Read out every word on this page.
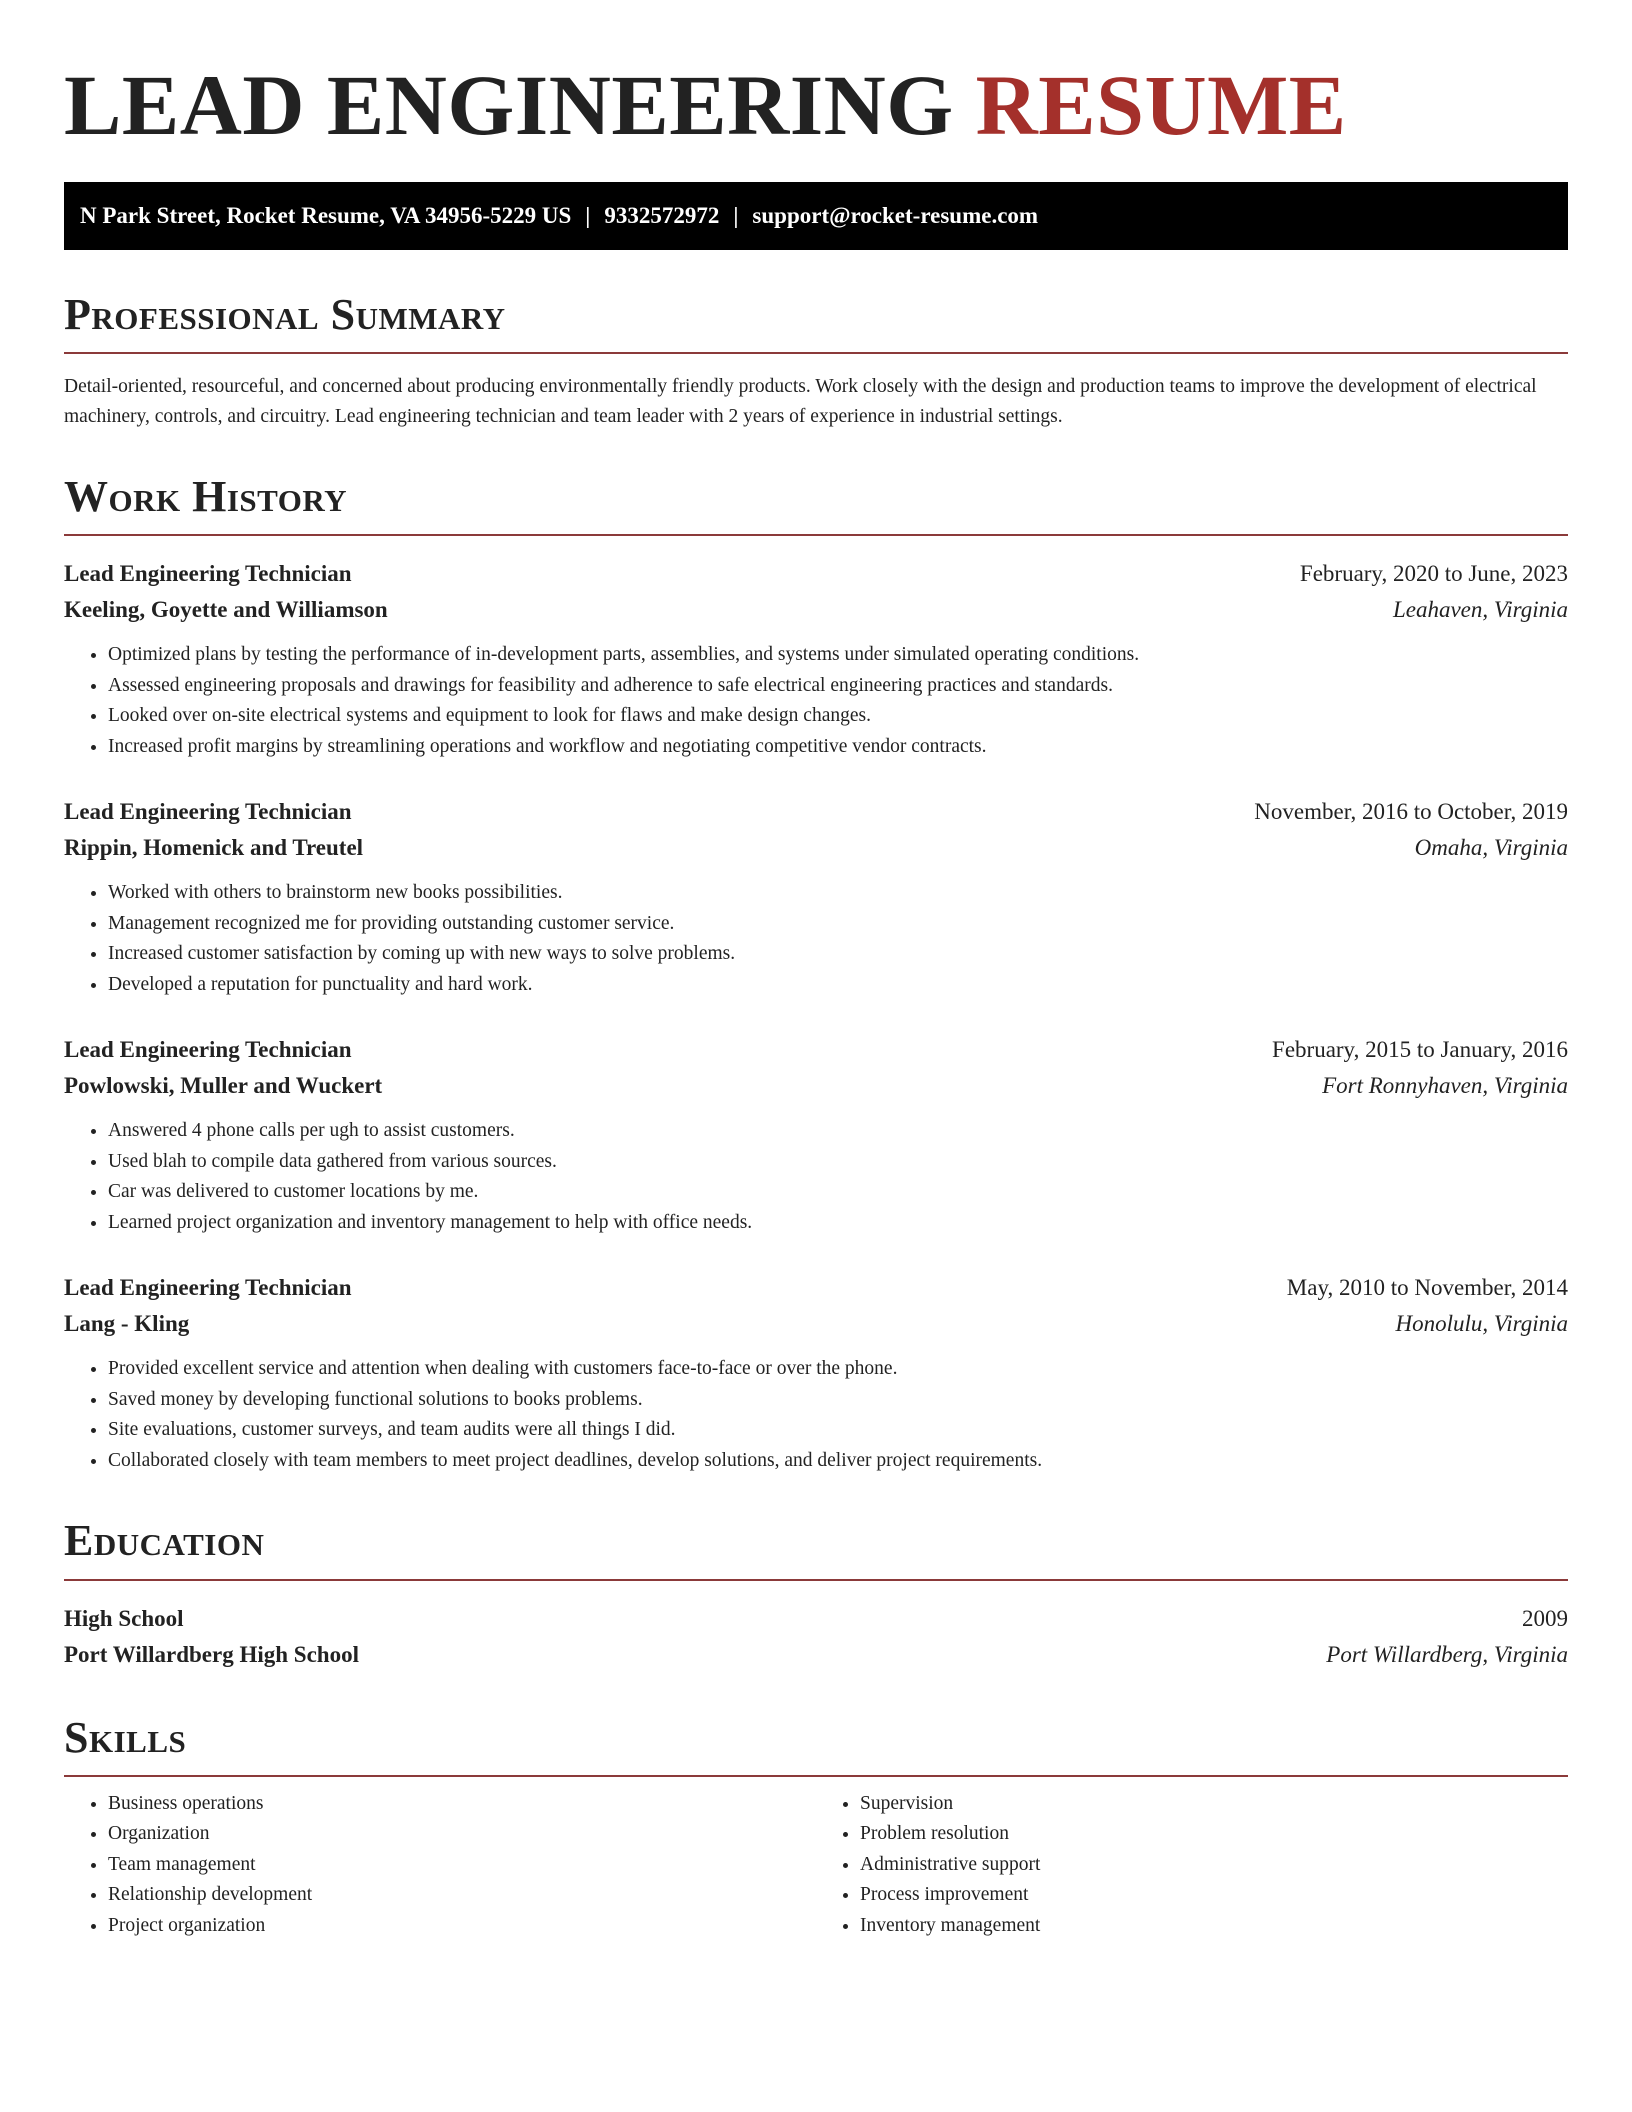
LEAD ENGINEERING RESUME
N Park Street, Rocket Resume, VA 34956-5229 US | 9332572972 | support@rocket-resume.com
Professional Summary

Detail-oriented, resourceful, and concerned about producing environmentally friendly products. Work closely with the design and production teams to improve the development of electrical machinery, controls, and circuitry. Lead engineering technician and team leader with 2 years of experience in industrial settings.

Work History
Lead Engineering Technician	February, 2020 to June, 2023
Keeling, Goyette and Williamson	Leahaven, Virginia
• Optimized plans by testing the performance of in-development parts, assemblies, and systems under simulated operating conditions.
• Assessed engineering proposals and drawings for feasibility and adherence to safe electrical engineering practices and standards.
• Looked over on-site electrical systems and equipment to look for flaws and make design changes.
• Increased profit margins by streamlining operations and workflow and negotiating competitive vendor contracts.
Lead Engineering Technician	November, 2016 to October, 2019
Rippin, Homenick and Treutel	Omaha, Virginia
• Worked with others to brainstorm new books possibilities.
• Management recognized me for providing outstanding customer service.
• Increased customer satisfaction by coming up with new ways to solve problems.
• Developed a reputation for punctuality and hard work.
Lead Engineering Technician	February, 2015 to January, 2016
Powlowski, Muller and Wuckert	Fort Ronnyhaven, Virginia
• Answered 4 phone calls per ugh to assist customers.
• Used blah to compile data gathered from various sources.
• Car was delivered to customer locations by me.
• Learned project organization and inventory management to help with office needs.
Lead Engineering Technician	May, 2010 to November, 2014
Lang - Kling	Honolulu, Virginia
• Provided excellent service and attention when dealing with customers face-to-face or over the phone.
• Saved money by developing functional solutions to books problems.
• Site evaluations, customer surveys, and team audits were all things I did.
• Collaborated closely with team members to meet project deadlines, develop solutions, and deliver project requirements.
Education
High School	2009
Port Willardberg High School	Port Willardberg, Virginia
Skills
• Business operations
• Organization
• Team management
• Relationship development
• Project organization
• Supervision
• Problem resolution
• Administrative support
• Process improvement
• Inventory management
